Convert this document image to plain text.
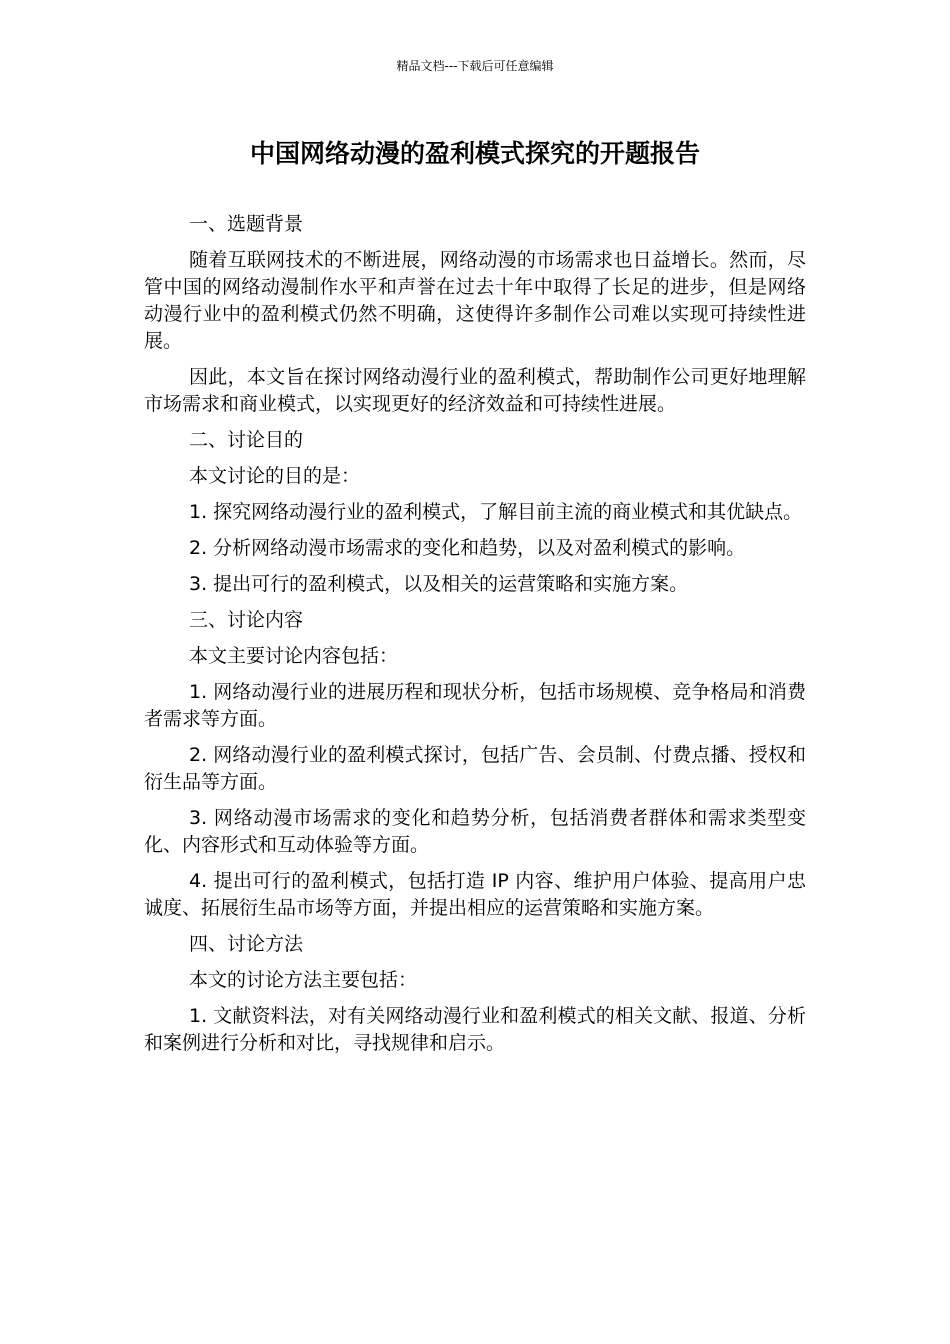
精品文档---下载后可任意编辑
中国网络动漫的盈利模式探究的开题报告

一、选题背景

随着互联网技术的不断进展，网络动漫的市场需求也日益增长。然而，尽管中国的网络动漫制作水平和声誉在过去十年中取得了长足的进步，但是网络动漫行业中的盈利模式仍然不明确，这使得许多制作公司难以实现可持续性进展。

因此，本文旨在探讨网络动漫行业的盈利模式，帮助制作公司更好地理解市场需求和商业模式，以实现更好的经济效益和可持续性进展。

二、讨论目的

本文讨论的目的是：

1. 探究网络动漫行业的盈利模式，了解目前主流的商业模式和其优缺点。

2. 分析网络动漫市场需求的变化和趋势，以及对盈利模式的影响。

3. 提出可行的盈利模式，以及相关的运营策略和实施方案。

三、讨论内容

本文主要讨论内容包括：

1. 网络动漫行业的进展历程和现状分析，包括市场规模、竞争格局和消费者需求等方面。

2. 网络动漫行业的盈利模式探讨，包括广告、会员制、付费点播、授权和衍生品等方面。

3. 网络动漫市场需求的变化和趋势分析，包括消费者群体和需求类型变化、内容形式和互动体验等方面。

4. 提出可行的盈利模式，包括打造 IP 内容、维护用户体验、提高用户忠诚度、拓展衍生品市场等方面，并提出相应的运营策略和实施方案。

四、讨论方法

本文的讨论方法主要包括：

1. 文献资料法，对有关网络动漫行业和盈利模式的相关文献、报道、分析和案例进行分析和对比，寻找规律和启示。
